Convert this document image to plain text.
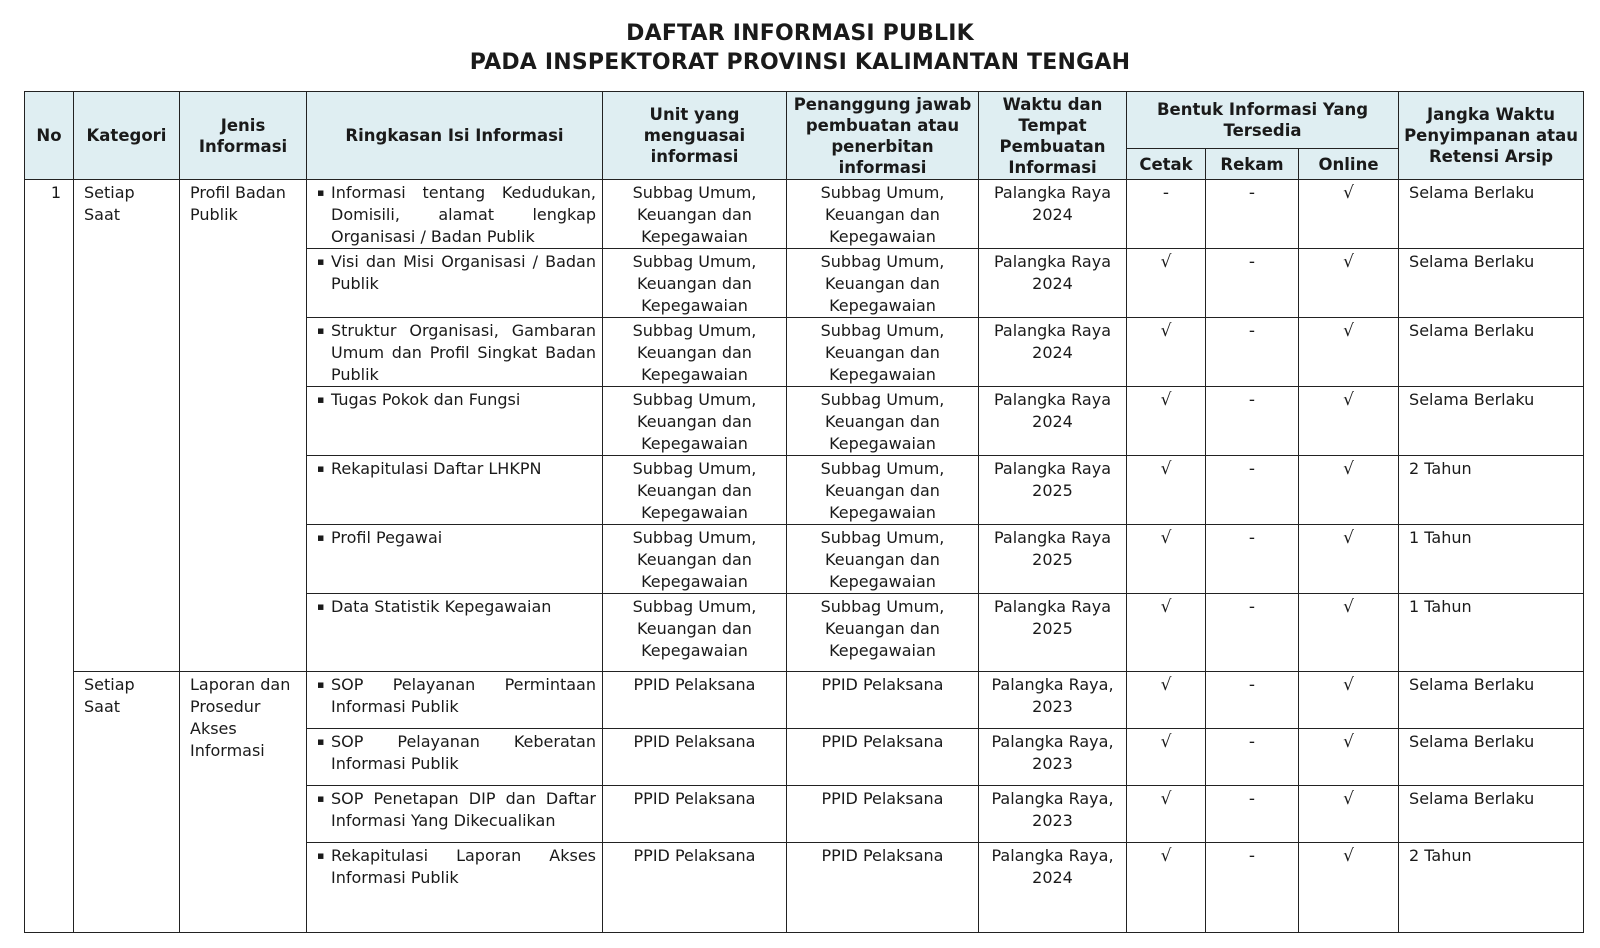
DAFTAR INFORMASI PUBLIK
PADA INSPEKTORAT PROVINSI KALIMANTAN TENGAH
No	Kategori	Jenis Informasi	Ringkasan Isi Informasi	Unit yang menguasai informasi	Penanggung jawab pembuatan atau penerbitan informasi	Waktu dan Tempat Pembuatan Informasi	Bentuk Informasi Yang Tersedia			Jangka Waktu Penyimpanan atau Retensi Arsip
							Cetak	Rekam	Online	
1	Setiap Saat	Profil Badan Publik	▪ Informasi tentang Kedudukan, Domisili, alamat lengkap Organisasi / Badan Publik	Subbag Umum, Keuangan dan Kepegawaian	Subbag Umum, Keuangan dan Kepegawaian	Palangka Raya 2024	-	-	√	Selama Berlaku

			▪ Visi dan Misi Organisasi / Badan Publik	Subbag Umum, Keuangan dan Kepegawaian	Subbag Umum, Keuangan dan Kepegawaian	Palangka Raya 2024	√	-	√	Selama Berlaku

			▪ Struktur Organisasi, Gambaran Umum dan Profil Singkat Badan Publik	Subbag Umum, Keuangan dan Kepegawaian	Subbag Umum, Keuangan dan Kepegawaian	Palangka Raya 2024	√	-	√	Selama Berlaku

			▪ Tugas Pokok dan Fungsi	Subbag Umum, Keuangan dan Kepegawaian	Subbag Umum, Keuangan dan Kepegawaian	Palangka Raya 2024	√	-	√	Selama Berlaku

			▪ Rekapitulasi Daftar LHKPN	Subbag Umum, Keuangan dan Kepegawaian	Subbag Umum, Keuangan dan Kepegawaian	Palangka Raya 2025	√	-	√	2 Tahun

			▪ Profil Pegawai	Subbag Umum, Keuangan dan Kepegawaian	Subbag Umum, Keuangan dan Kepegawaian	Palangka Raya 2025	√	-	√	1 Tahun

			▪ Data Statistik Kepegawaian	Subbag Umum, Keuangan dan Kepegawaian	Subbag Umum, Keuangan dan Kepegawaian	Palangka Raya 2025	√	-	√	1 Tahun
	Setiap Saat	Laporan dan Prosedur Akses Informasi	▪ SOP Pelayanan Permintaan Informasi Publik	PPID Pelaksana	PPID Pelaksana	Palangka Raya, 2023	√	-	√	Selama Berlaku

			▪ SOP Pelayanan Keberatan Informasi Publik	PPID Pelaksana	PPID Pelaksana	Palangka Raya, 2023	√	-	√	Selama Berlaku

			▪ SOP Penetapan DIP dan Daftar Informasi Yang Dikecualikan	PPID Pelaksana	PPID Pelaksana	Palangka Raya, 2023	√	-	√	Selama Berlaku

			▪ Rekapitulasi Laporan Akses Informasi Publik	PPID Pelaksana	PPID Pelaksana	Palangka Raya, 2024	√	-	√	2 Tahun
